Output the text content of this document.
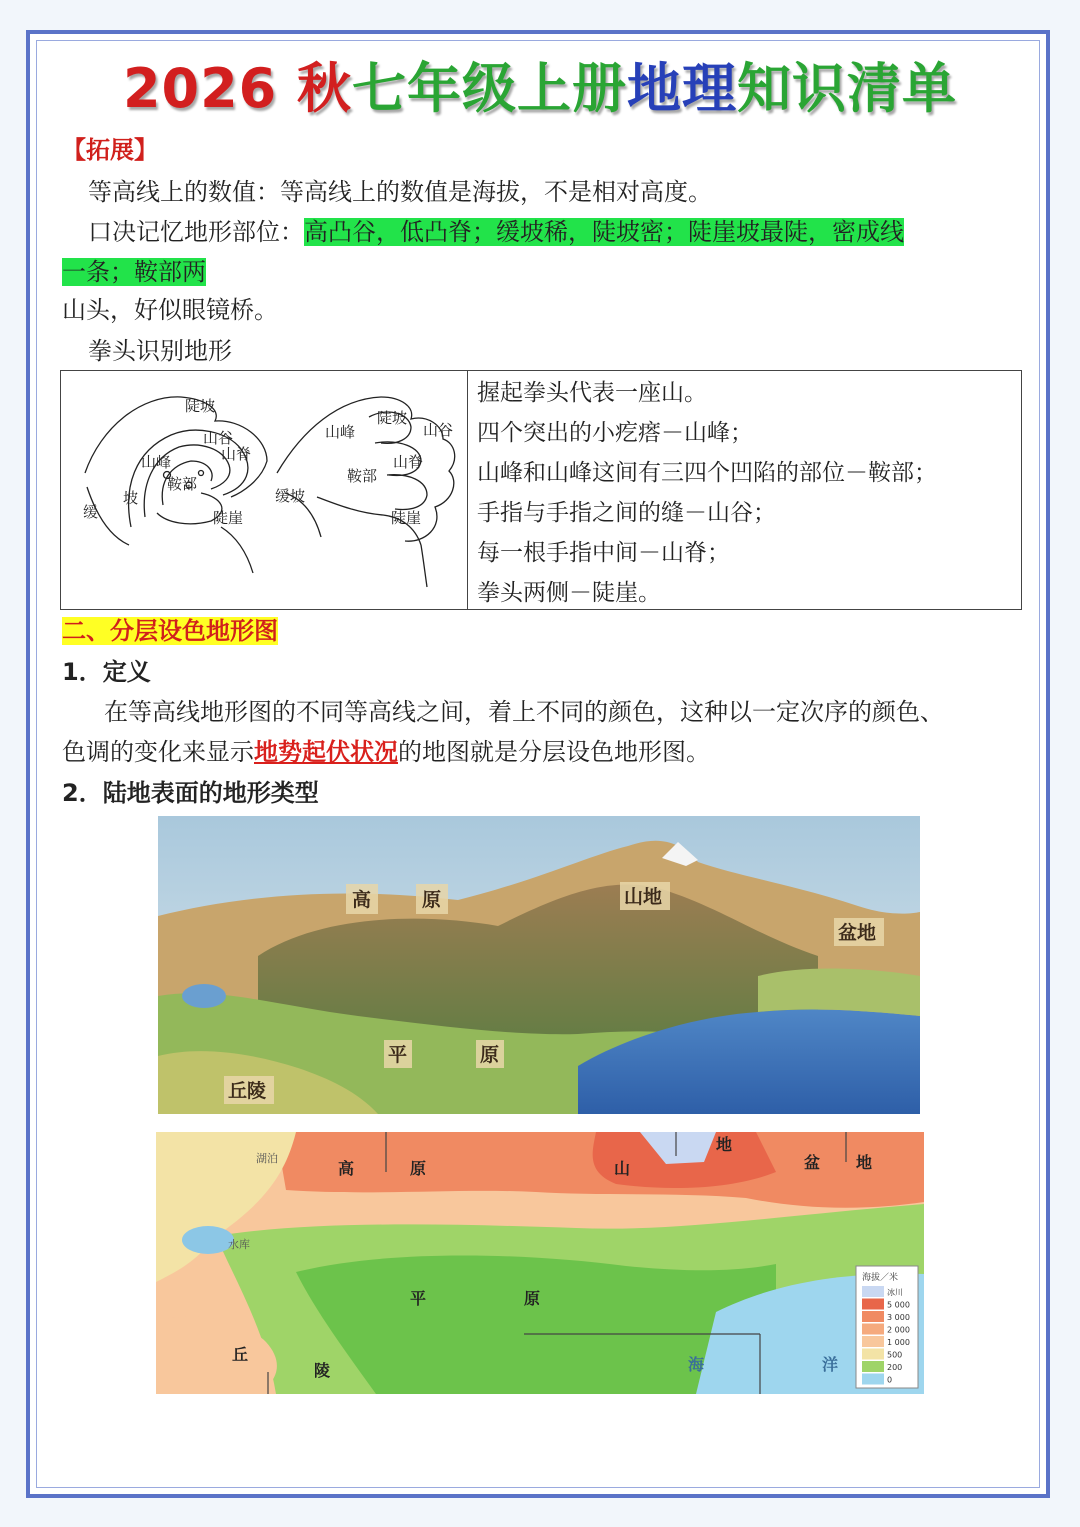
2026 秋七年级上册地理知识清单
【拓展】
等高线上的数值：等高线上的数值是海拔，不是相对高度。
口决记忆地形部位：高凸谷，低凸脊；缓坡稀，陡坡密；陡崖坡最陡，密成线
一条；鞍部两
山头，好似眼镜桥。
拳头识别地形
陡坡
山谷
山峰	山脊
鞍部
缓
坡
陡崖
陡坡
山谷
山峰
山脊
鞍部
缓坡
陡崖
握起拳头代表一座山。
四个突出的小疙瘩－山峰；
山峰和山峰这间有三四个凹陷的部位－鞍部；
手指与手指之间的缝－山谷；
每一根手指中间－山脊；
拳头两侧－陡崖。
二、分层设色地形图
1．定义
在等高线地形图的不同等高线之间，着上不同的颜色，这种以一定次序的颜色、
色调的变化来显示地势起伏状况的地图就是分层设色地形图。
2．陆地表面的地形类型
高	原	山地
盆地
平	原
丘陵
高	原	山
地
盆 地
平	原
丘
陵	海	洋
湖泊
水库
海拔／米
冰川
5 000
3 000
2 000
1 000
500
200
0
